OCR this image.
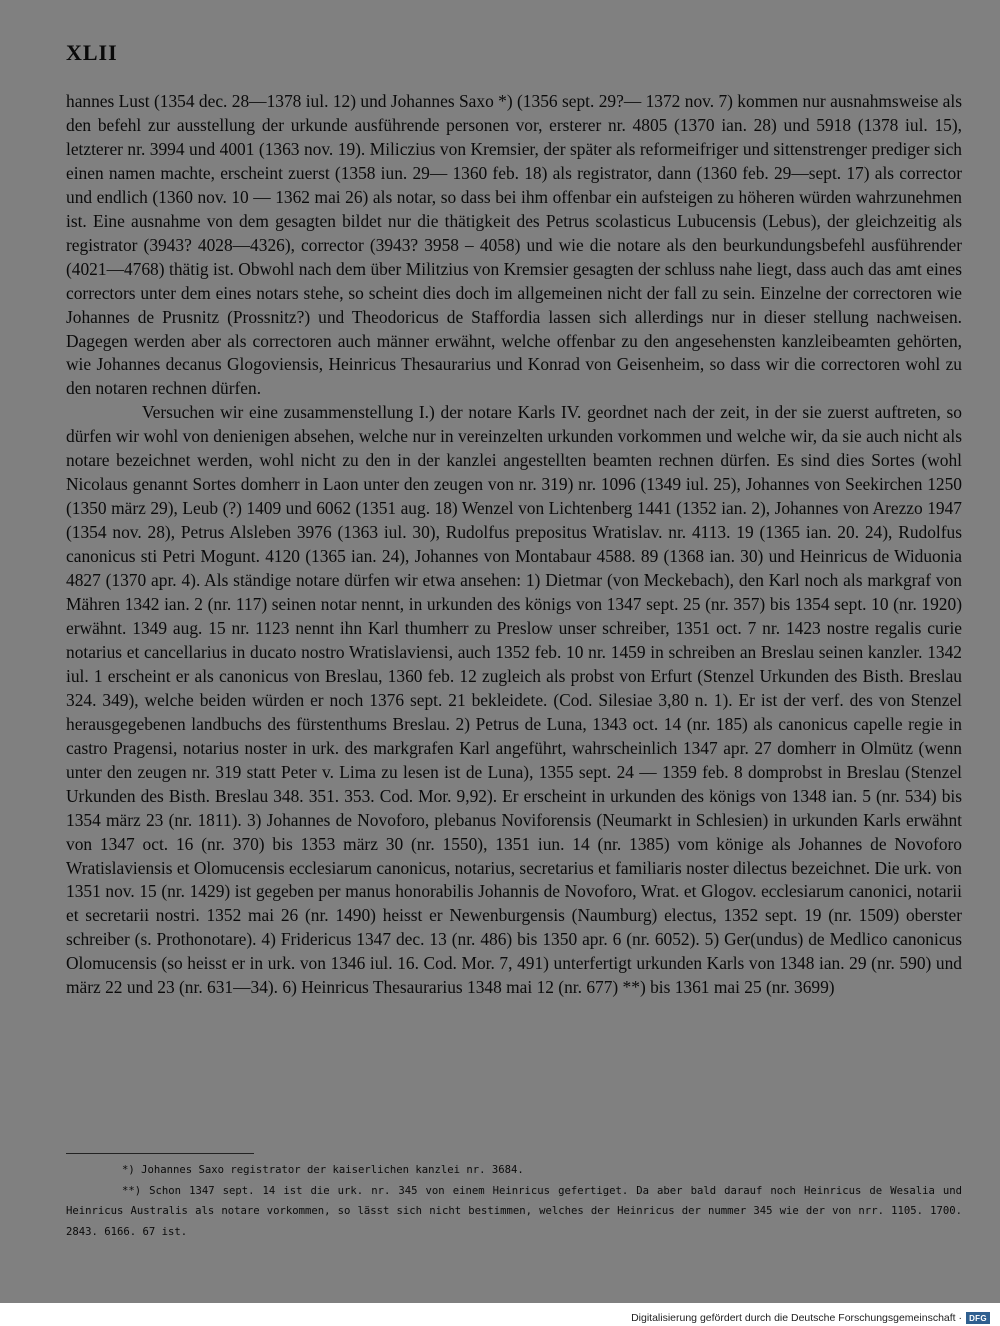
XLII

hannes Lust (1354 dec. 28—1378 iul. 12) und Johannes Saxo *) (1356 sept. 29?— 1372 nov. 7) kommen nur ausnahmsweise als den befehl zur ausstellung der urkunde ausführende personen vor, ersterer nr. 4805 (1370 ian. 28) und 5918 (1378 iul. 15), letzterer nr. 3994 und 4001 (1363 nov. 19). Miliczius von Kremsier, der später als reformeifriger und sittenstrenger prediger sich einen namen machte, erscheint zuerst (1358 iun. 29— 1360 feb. 18) als registrator, dann (1360 feb. 29—sept. 17) als corrector und endlich (1360 nov. 10 — 1362 mai 26) als notar, so dass bei ihm offenbar ein aufsteigen zu höheren würden wahrzunehmen ist. Eine ausnahme von dem gesagten bildet nur die thätigkeit des Petrus scolasticus Lubucensis (Lebus), der gleichzeitig als registrator (3943? 4028—4326), corrector (3943? 3958 – 4058) und wie die notare als den beurkundungsbefehl ausführender (4021—4768) thätig ist. Obwohl nach dem über Militzius von Kremsier gesagten der schluss nahe liegt, dass auch das amt eines correctors unter dem eines notars stehe, so scheint dies doch im allgemeinen nicht der fall zu sein. Einzelne der correctoren wie Johannes de Prusnitz (Prossnitz?) und Theodoricus de Staffordia lassen sich allerdings nur in dieser stellung nachweisen. Dagegen werden aber als correctoren auch männer erwähnt, welche offenbar zu den angesehensten kanzleibeamten gehörten, wie Johannes decanus Glogoviensis, Heinricus Thesaurarius und Konrad von Geisenheim, so dass wir die correctoren wohl zu den notaren rechnen dürfen.

Versuchen wir eine zusammenstellung I.) der notare Karls IV. geordnet nach der zeit, in der sie zuerst auftreten, so dürfen wir wohl von denienigen absehen, welche nur in vereinzelten urkunden vorkommen und welche wir, da sie auch nicht als notare bezeichnet werden, wohl nicht zu den in der kanzlei angestellten beamten rechnen dürfen. Es sind dies Sortes (wohl Nicolaus genannt Sortes domherr in Laon unter den zeugen von nr. 319) nr. 1096 (1349 iul. 25), Johannes von Seekirchen 1250 (1350 märz 29), Leub (?) 1409 und 6062 (1351 aug. 18) Wenzel von Lichtenberg 1441 (1352 ian. 2), Johannes von Arezzo 1947 (1354 nov. 28), Petrus Alsleben 3976 (1363 iul. 30), Rudolfus prepositus Wratislav. nr. 4113. 19 (1365 ian. 20. 24), Rudolfus canonicus sti Petri Mogunt. 4120 (1365 ian. 24), Johannes von Montabaur 4588. 89 (1368 ian. 30) und Heinricus de Widuonia 4827 (1370 apr. 4). Als ständige notare dürfen wir etwa ansehen: 1) Dietmar (von Meckebach), den Karl noch als markgraf von Mähren 1342 ian. 2 (nr. 117) seinen notar nennt, in urkunden des königs von 1347 sept. 25 (nr. 357) bis 1354 sept. 10 (nr. 1920) erwähnt. 1349 aug. 15 nr. 1123 nennt ihn Karl thumherr zu Preslow unser schreiber, 1351 oct. 7 nr. 1423 nostre regalis curie notarius et cancellarius in ducato nostro Wratislaviensi, auch 1352 feb. 10 nr. 1459 in schreiben an Breslau seinen kanzler. 1342 iul. 1 erscheint er als canonicus von Breslau, 1360 feb. 12 zugleich als probst von Erfurt (Stenzel Urkunden des Bisth. Breslau 324. 349), welche beiden würden er noch 1376 sept. 21 bekleidete. (Cod. Silesiae 3,80 n. 1). Er ist der verf. des von Stenzel herausgegebenen landbuchs des fürstenthums Breslau. 2) Petrus de Luna, 1343 oct. 14 (nr. 185) als canonicus capelle regie in castro Pragensi, notarius noster in urk. des markgrafen Karl angeführt, wahrscheinlich 1347 apr. 27 domherr in Olmütz (wenn unter den zeugen nr. 319 statt Peter v. Lima zu lesen ist de Luna), 1355 sept. 24 — 1359 feb. 8 domprobst in Breslau (Stenzel Urkunden des Bisth. Breslau 348. 351. 353. Cod. Mor. 9,92). Er erscheint in urkunden des königs von 1348 ian. 5 (nr. 534) bis 1354 märz 23 (nr. 1811). 3) Johannes de Novoforo, plebanus Noviforensis (Neumarkt in Schlesien) in urkunden Karls erwähnt von 1347 oct. 16 (nr. 370) bis 1353 märz 30 (nr. 1550), 1351 iun. 14 (nr. 1385) vom könige als Johannes de Novoforo Wratislaviensis et Olomucensis ecclesiarum canonicus, notarius, secretarius et familiaris noster dilectus bezeichnet. Die urk. von 1351 nov. 15 (nr. 1429) ist gegeben per manus honorabilis Johannis de Novoforo, Wrat. et Glogov. ecclesiarum canonici, notarii et secretarii nostri. 1352 mai 26 (nr. 1490) heisst er Newenburgensis (Naumburg) electus, 1352 sept. 19 (nr. 1509) oberster schreiber (s. Prothonotare). 4) Fridericus 1347 dec. 13 (nr. 486) bis 1350 apr. 6 (nr. 6052). 5) Ger(undus) de Medlico canonicus Olomucensis (so heisst er in urk. von 1346 iul. 16. Cod. Mor. 7, 491) unterfertigt urkunden Karls von 1348 ian. 29 (nr. 590) und märz 22 und 23 (nr. 631—34). 6) Heinricus Thesaurarius 1348 mai 12 (nr. 677) **) bis 1361 mai 25 (nr. 3699)

*) Johannes Saxo registrator der kaiserlichen kanzlei nr. 3684.

**) Schon 1347 sept. 14 ist die urk. nr. 345 von einem Heinricus gefertiget. Da aber bald darauf noch Heinricus de Wesalia und Heinricus Australis als notare vorkommen, so lässt sich nicht bestimmen, welches der Heinricus der nummer 345 wie der von nrr. 1105. 1700. 2843. 6166. 67 ist.

Digitalisierung gefördert durch die Deutsche Forschungsgemeinschaft · DFG
